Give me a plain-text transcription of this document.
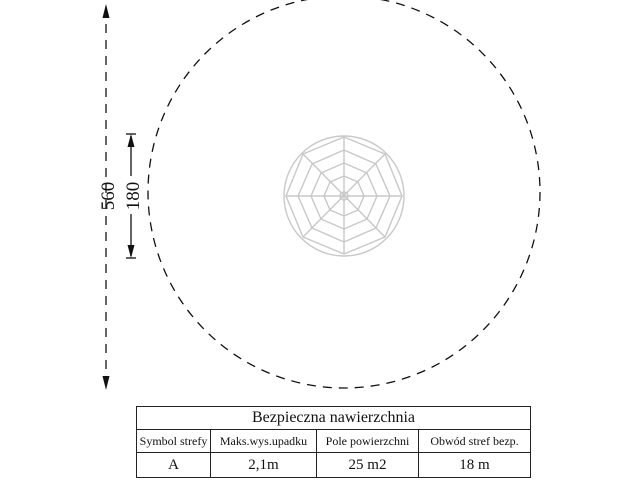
560 180
Bezpieczna nawierzchnia			
Symbol strefy	Maks.wys.upadku	Pole powierzchni	Obwód stref bezp.
A	2,1m	25 m2	18 m
